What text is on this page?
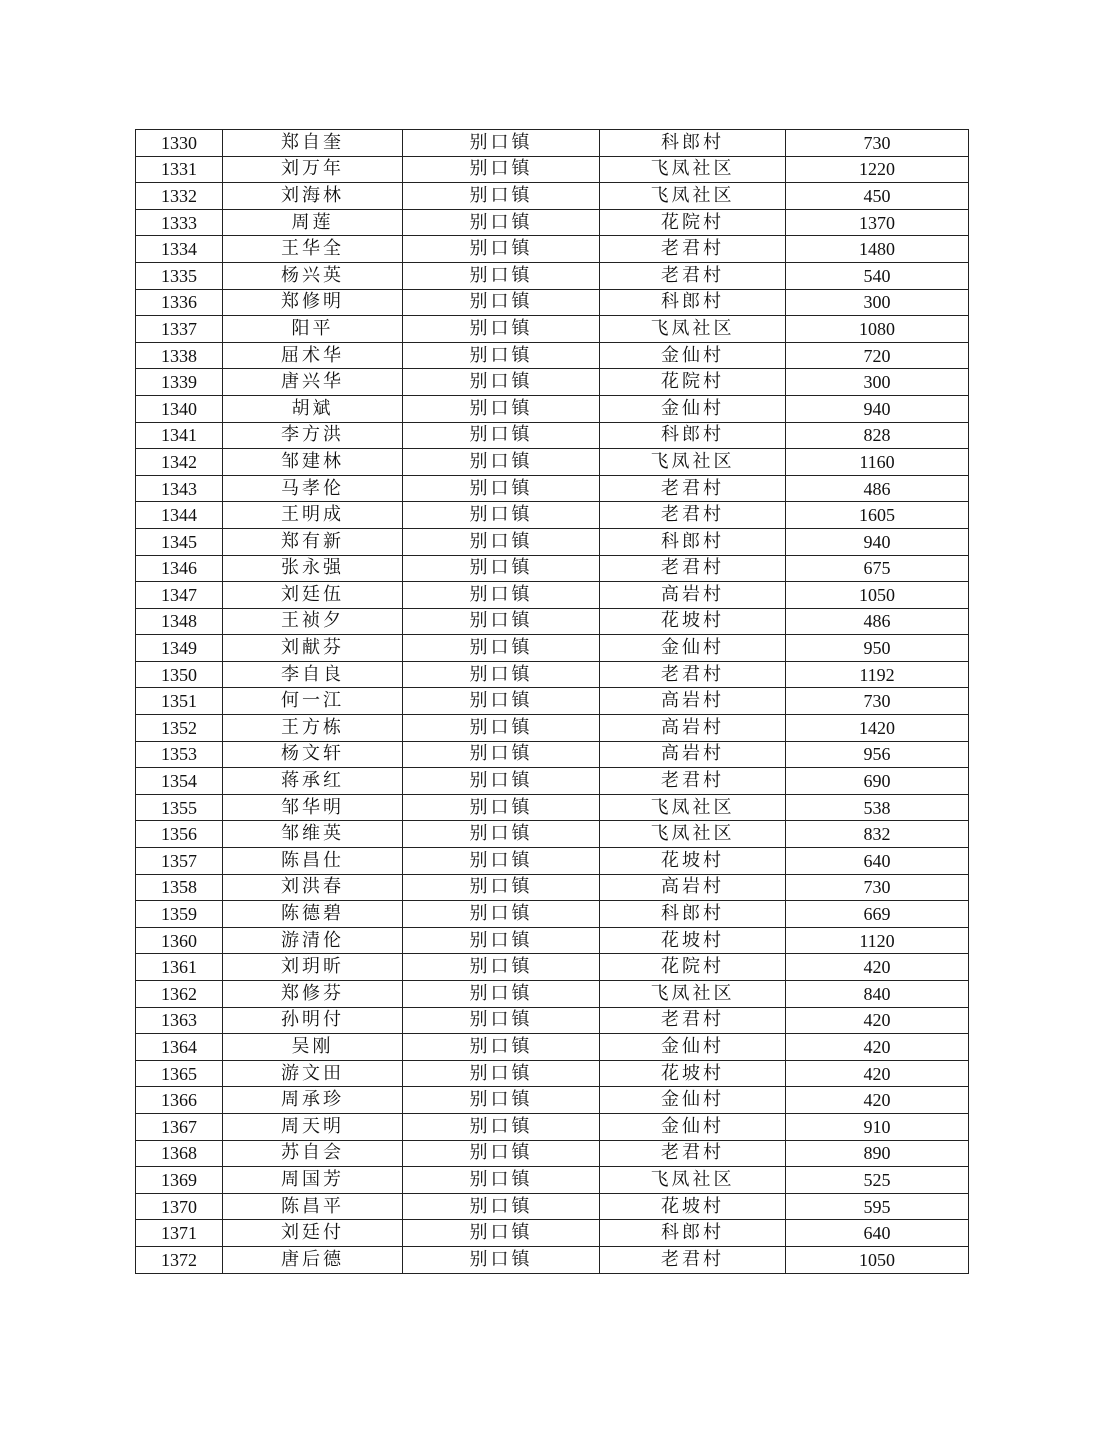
1330	郑自奎	别口镇	科郎村	730
1331	刘万年	别口镇	飞凤社区	1220
1332	刘海林	别口镇	飞凤社区	450
1333	周莲	别口镇	花院村	1370
1334	王华全	别口镇	老君村	1480
1335	杨兴英	别口镇	老君村	540
1336	郑修明	别口镇	科郎村	300
1337	阳平	别口镇	飞凤社区	1080
1338	屈术华	别口镇	金仙村	720
1339	唐兴华	别口镇	花院村	300
1340	胡斌	别口镇	金仙村	940
1341	李方洪	别口镇	科郎村	828
1342	邹建林	别口镇	飞凤社区	1160
1343	马孝伦	别口镇	老君村	486
1344	王明成	别口镇	老君村	1605
1345	郑有新	别口镇	科郎村	940
1346	张永强	别口镇	老君村	675
1347	刘廷伍	别口镇	高岩村	1050
1348	王祯夕	别口镇	花坡村	486
1349	刘献芬	别口镇	金仙村	950
1350	李自良	别口镇	老君村	1192
1351	何一江	别口镇	高岩村	730
1352	王方栋	别口镇	高岩村	1420
1353	杨文轩	别口镇	高岩村	956
1354	蒋承红	别口镇	老君村	690
1355	邹华明	别口镇	飞凤社区	538
1356	邹维英	别口镇	飞凤社区	832
1357	陈昌仕	别口镇	花坡村	640
1358	刘洪春	别口镇	高岩村	730
1359	陈德碧	别口镇	科郎村	669
1360	游清伦	别口镇	花坡村	1120
1361	刘玥昕	别口镇	花院村	420
1362	郑修芬	别口镇	飞凤社区	840
1363	孙明付	别口镇	老君村	420
1364	吴刚	别口镇	金仙村	420
1365	游文田	别口镇	花坡村	420
1366	周承珍	别口镇	金仙村	420
1367	周天明	别口镇	金仙村	910
1368	苏自会	别口镇	老君村	890
1369	周国芳	别口镇	飞凤社区	525
1370	陈昌平	别口镇	花坡村	595
1371	刘廷付	别口镇	科郎村	640
1372	唐后德	别口镇	老君村	1050
